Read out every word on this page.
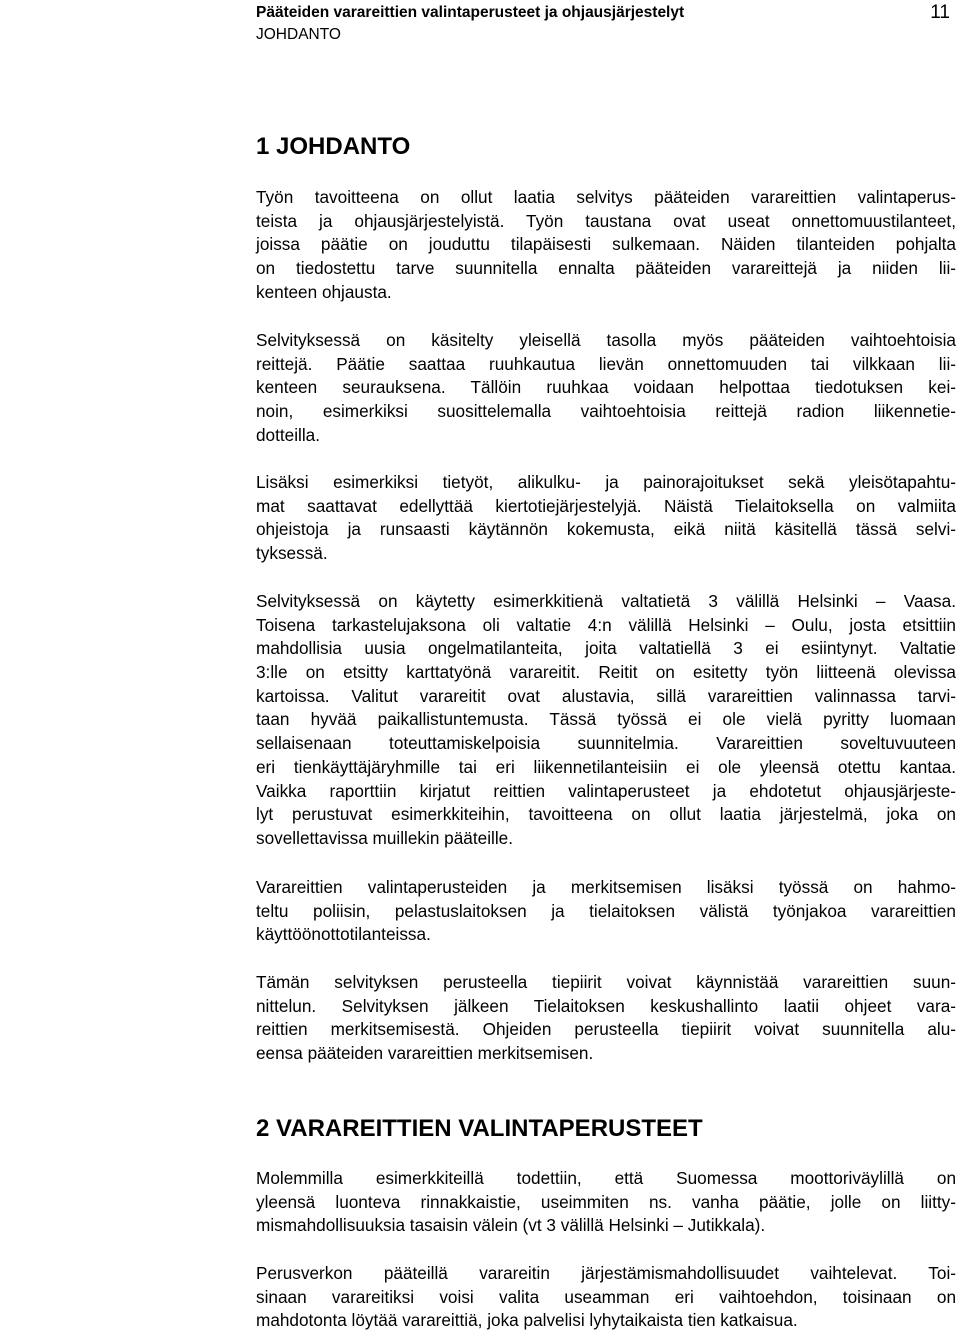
Pääteiden varareittien valintaperusteet ja ohjausjärjestelyt
JOHDANTO
1 JOHDANTO
Työn tavoitteena on ollut laatia selvitys pääteiden varareittien valintaperus-
teista ja ohjausjärjestelyistä. Työn taustana ovat useat onnettomuustilanteet,
joissa päätie on jouduttu tilapäisesti sulkemaan. Näiden tilanteiden pohjalta
on tiedostettu tarve suunnitella ennalta pääteiden varareittejä ja niiden lii-
kenteen ohjausta.
Selvityksessä on käsitelty yleisellä tasolla myös pääteiden vaihtoehtoisia
reittejä. Päätie saattaa ruuhkautua lievän onnettomuuden tai vilkkaan lii-
kenteen seurauksena. Tällöin ruuhkaa voidaan helpottaa tiedotuksen kei-
noin, esimerkiksi suosittelemalla vaihtoehtoisia reittejä radion liikennetie-
dotteilla.
Lisäksi esimerkiksi tietyöt, alikulku- ja painorajoitukset sekä yleisötapahtu-
mat saattavat edellyttää kiertotiejärjestelyjä. Näistä Tielaitoksella on valmiita
ohjeistoja ja runsaasti käytännön kokemusta, eikä niitä käsitellä tässä selvi-
tyksessä.
Selvityksessä on käytetty esimerkkitienä valtatietä 3 välillä Helsinki – Vaasa.
Toisena tarkastelujaksona oli valtatie 4:n välillä Helsinki – Oulu, josta etsittiin
mahdollisia uusia ongelmatilanteita, joita valtatiellä 3 ei esiintynyt. Valtatie
3:lle on etsitty karttatyönä varareitit. Reitit on esitetty työn liitteenä olevissa
kartoissa. Valitut varareitit ovat alustavia, sillä varareittien valinnassa tarvi-
taan hyvää paikallistuntemusta. Tässä työssä ei ole vielä pyritty luomaan
sellaisenaan toteuttamiskelpoisia suunnitelmia. Varareittien soveltuvuuteen
eri tienkäyttäjäryhmille tai eri liikennetilanteisiin ei ole yleensä otettu kantaa.
Vaikka raporttiin kirjatut reittien valintaperusteet ja ehdotetut ohjausjärjeste-
lyt perustuvat esimerkkiteihin, tavoitteena on ollut laatia järjestelmä, joka on
sovellettavissa muillekin pääteille.
Varareittien valintaperusteiden ja merkitsemisen lisäksi työssä on hahmo-
teltu poliisin, pelastuslaitoksen ja tielaitoksen välistä työnjakoa varareittien
käyttöönottotilanteissa.
Tämän selvityksen perusteella tiepiirit voivat käynnistää varareittien suun-
nittelun. Selvityksen jälkeen Tielaitoksen keskushallinto laatii ohjeet vara-
reittien merkitsemisestä. Ohjeiden perusteella tiepiirit voivat suunnitella alu-
eensa pääteiden varareittien merkitsemisen.
2 VARAREITTIEN VALINTAPERUSTEET
Molemmilla esimerkkiteillä todettiin, että Suomessa moottoriväylillä on
yleensä luonteva rinnakkaistie, useimmiten ns. vanha päätie, jolle on liitty-
mismahdollisuuksia tasaisin välein (vt 3 välillä Helsinki – Jutikkala).
Perusverkon pääteillä varareitin järjestämismahdollisuudet vaihtelevat. Toi-
sinaan varareitiksi voisi valita useamman eri vaihtoehdon, toisinaan on
mahdotonta löytää varareittiä, joka palvelisi lyhytaikaista tien katkaisua.
11
